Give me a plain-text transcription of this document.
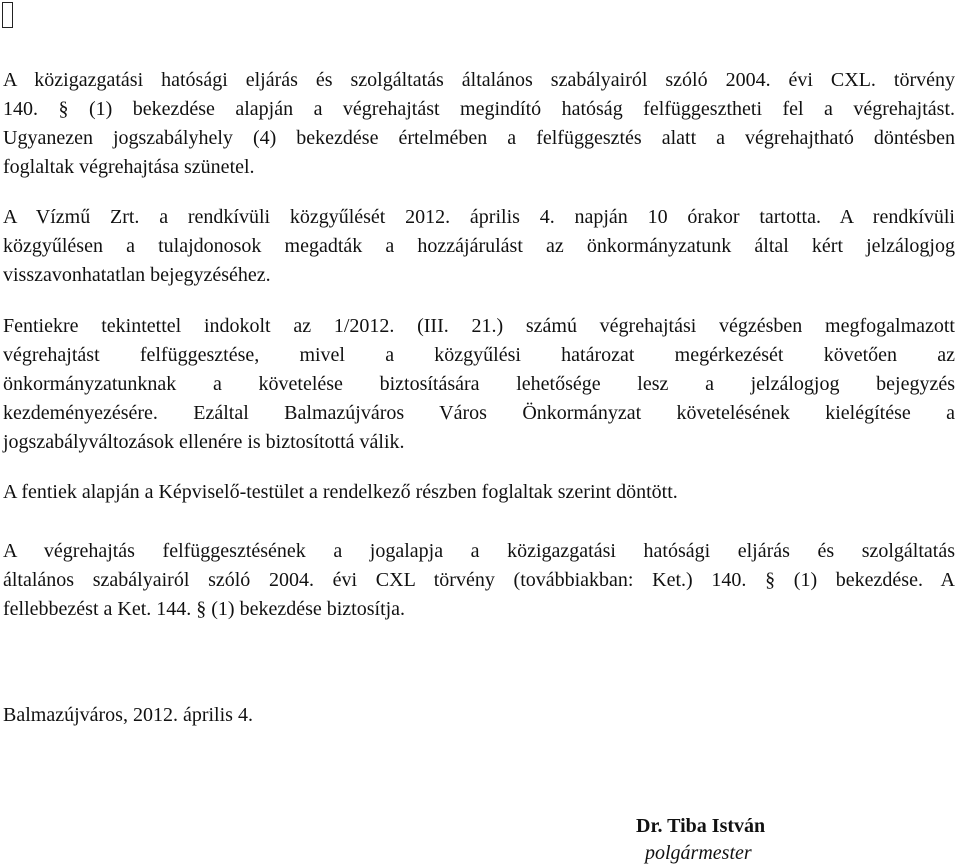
A közigazgatási hatósági eljárás és szolgáltatás általános szabályairól szóló 2004. évi CXL. törvény
140. § (1) bekezdése alapján a végrehajtást megindító hatóság felfüggesztheti fel a végrehajtást.
Ugyanezen jogszabályhely (4) bekezdése értelmében a felfüggesztés alatt a végrehajtható döntésben
foglaltak végrehajtása szünetel.

A Vízmű Zrt. a rendkívüli közgyűlését 2012. április 4. napján 10 órakor tartotta. A rendkívüli
közgyűlésen a tulajdonosok megadták a hozzájárulást az önkormányzatunk által kért jelzálogjog
visszavonhatatlan bejegyzéséhez.

Fentiekre tekintettel indokolt az 1/2012. (III. 21.) számú végrehajtási végzésben megfogalmazott
végrehajtást felfüggesztése, mivel a közgyűlési határozat megérkezését követően az
önkormányzatunknak a követelése biztosítására lehetősége lesz a jelzálogjog bejegyzés
kezdeményezésére. Ezáltal Balmazújváros Város Önkormányzat követelésének kielégítése a
jogszabályváltozások ellenére is biztosítottá válik.

A fentiek alapján a Képviselő-testület a rendelkező részben foglaltak szerint döntött.

A végrehajtás felfüggesztésének a jogalapja a közigazgatási hatósági eljárás és szolgáltatás
általános szabályairól szóló 2004. évi CXL törvény (továbbiakban: Ket.) 140. § (1) bekezdése. A
fellebbezést a Ket. 144. § (1) bekezdése biztosítja.

Balmazújváros, 2012. április 4.

Dr. Tiba István
polgármester
